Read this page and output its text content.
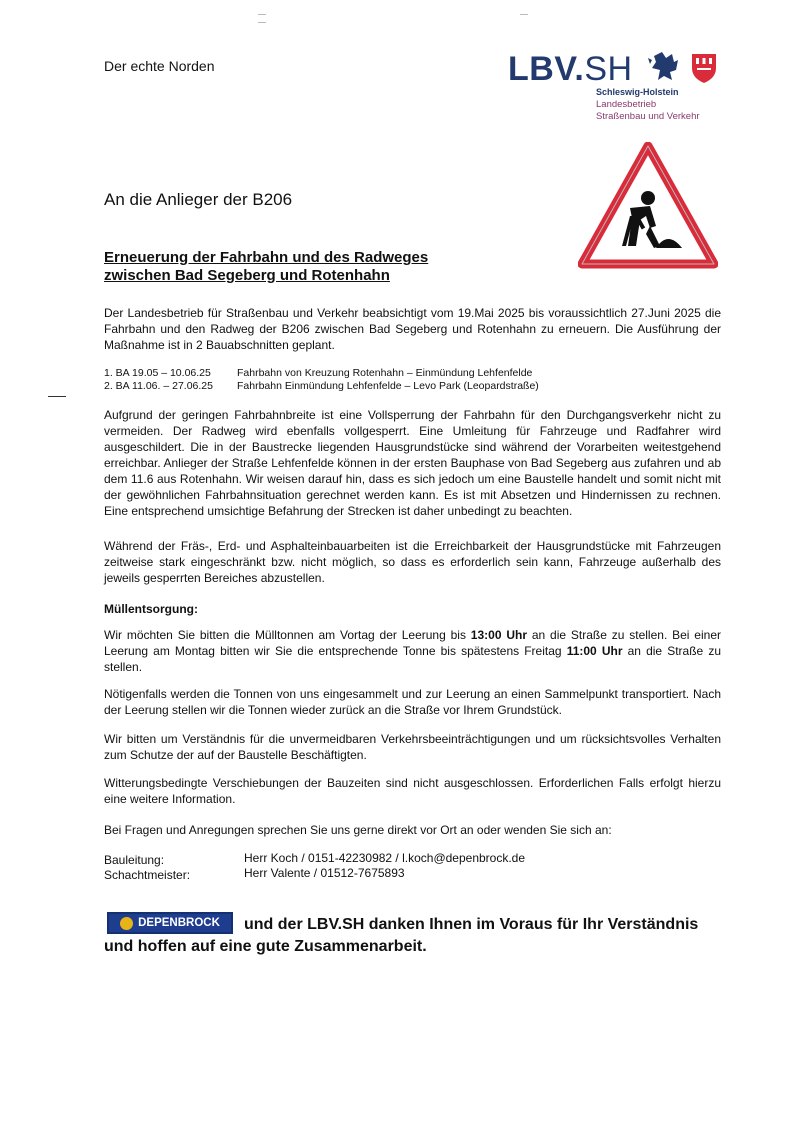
Der echte Norden	LBV.SH
Schleswig-Holstein
Landesbetrieb
Straßenbau und Verkehr
An die Anlieger der B206
Erneuerung der Fahrbahn und des Radweges
zwischen Bad Segeberg und Rotenhahn
Der Landesbetrieb für Straßenbau und Verkehr beabsichtigt vom 19.Mai 2025 bis voraussichtlich 27.Juni 2025 die Fahrbahn und den Radweg der B206 zwischen Bad Segeberg und Rotenhahn zu erneuern. Die Ausführung der Maßnahme ist in 2 Bauabschnitten geplant.
1. BA 19.05 – 10.06.25 Fahrbahn von Kreuzung Rotenhahn – Einmündung Lehfenfelde
2. BA 11.06. – 27.06.25 Fahrbahn Einmündung Lehfenfelde – Levo Park (Leopardstraße)
Aufgrund der geringen Fahrbahnbreite ist eine Vollsperrung der Fahrbahn für den Durchgangsverkehr nicht zu vermeiden. Der Radweg wird ebenfalls vollgesperrt. Eine Umleitung für Fahrzeuge und Radfahrer wird ausgeschildert. Die in der Baustrecke liegenden Hausgrundstücke sind während der Vorarbeiten weitestgehend erreichbar. Anlieger der Straße Lehfenfelde können in der ersten Bauphase von Bad Segeberg aus zufahren und ab dem 11.6 aus Rotenhahn. Wir weisen darauf hin, dass es sich jedoch um eine Baustelle handelt und somit nicht mit der gewöhnlichen Fahrbahnsituation gerechnet werden kann. Es ist mit Absetzen und Hindernissen zu rechnen. Eine entsprechend umsichtige Befahrung der Strecken ist daher unbedingt zu beachten.
Während der Fräs-, Erd- und Asphalteinbauarbeiten ist die Erreichbarkeit der Hausgrundstücke mit Fahrzeugen zeitweise stark eingeschränkt bzw. nicht möglich, so dass es erforderlich sein kann, Fahrzeuge außerhalb des jeweils gesperrten Bereiches abzustellen.
Müllentsorgung:
Wir möchten Sie bitten die Mülltonnen am Vortag der Leerung bis 13:00 Uhr an die Straße zu stellen. Bei einer Leerung am Montag bitten wir Sie die entsprechende Tonne bis spätestens Freitag 11:00 Uhr an die Straße zu stellen.
Nötigenfalls werden die Tonnen von uns eingesammelt und zur Leerung an einen Sammelpunkt transportiert. Nach der Leerung stellen wir die Tonnen wieder zurück an die Straße vor Ihrem Grundstück.
Wir bitten um Verständnis für die unvermeidbaren Verkehrsbeeinträchtigungen und um rücksichtsvolles Verhalten zum Schutze der auf der Baustelle Beschäftigten.
Witterungsbedingte Verschiebungen der Bauzeiten sind nicht ausgeschlossen. Erforderlichen Falls erfolgt hierzu eine weitere Information.
Bei Fragen und Anregungen sprechen Sie uns gerne direkt vor Ort an oder wenden Sie sich an:
Bauleitung:	Herr Koch / 0151-42230982 / l.koch@depenbrock.de
Schachtmeister:	Herr Valente / 01512-7675893
und der LBV.SH danken Ihnen im Voraus für Ihr Verständnis und hoffen auf eine gute Zusammenarbeit.
DEPENBROCK
